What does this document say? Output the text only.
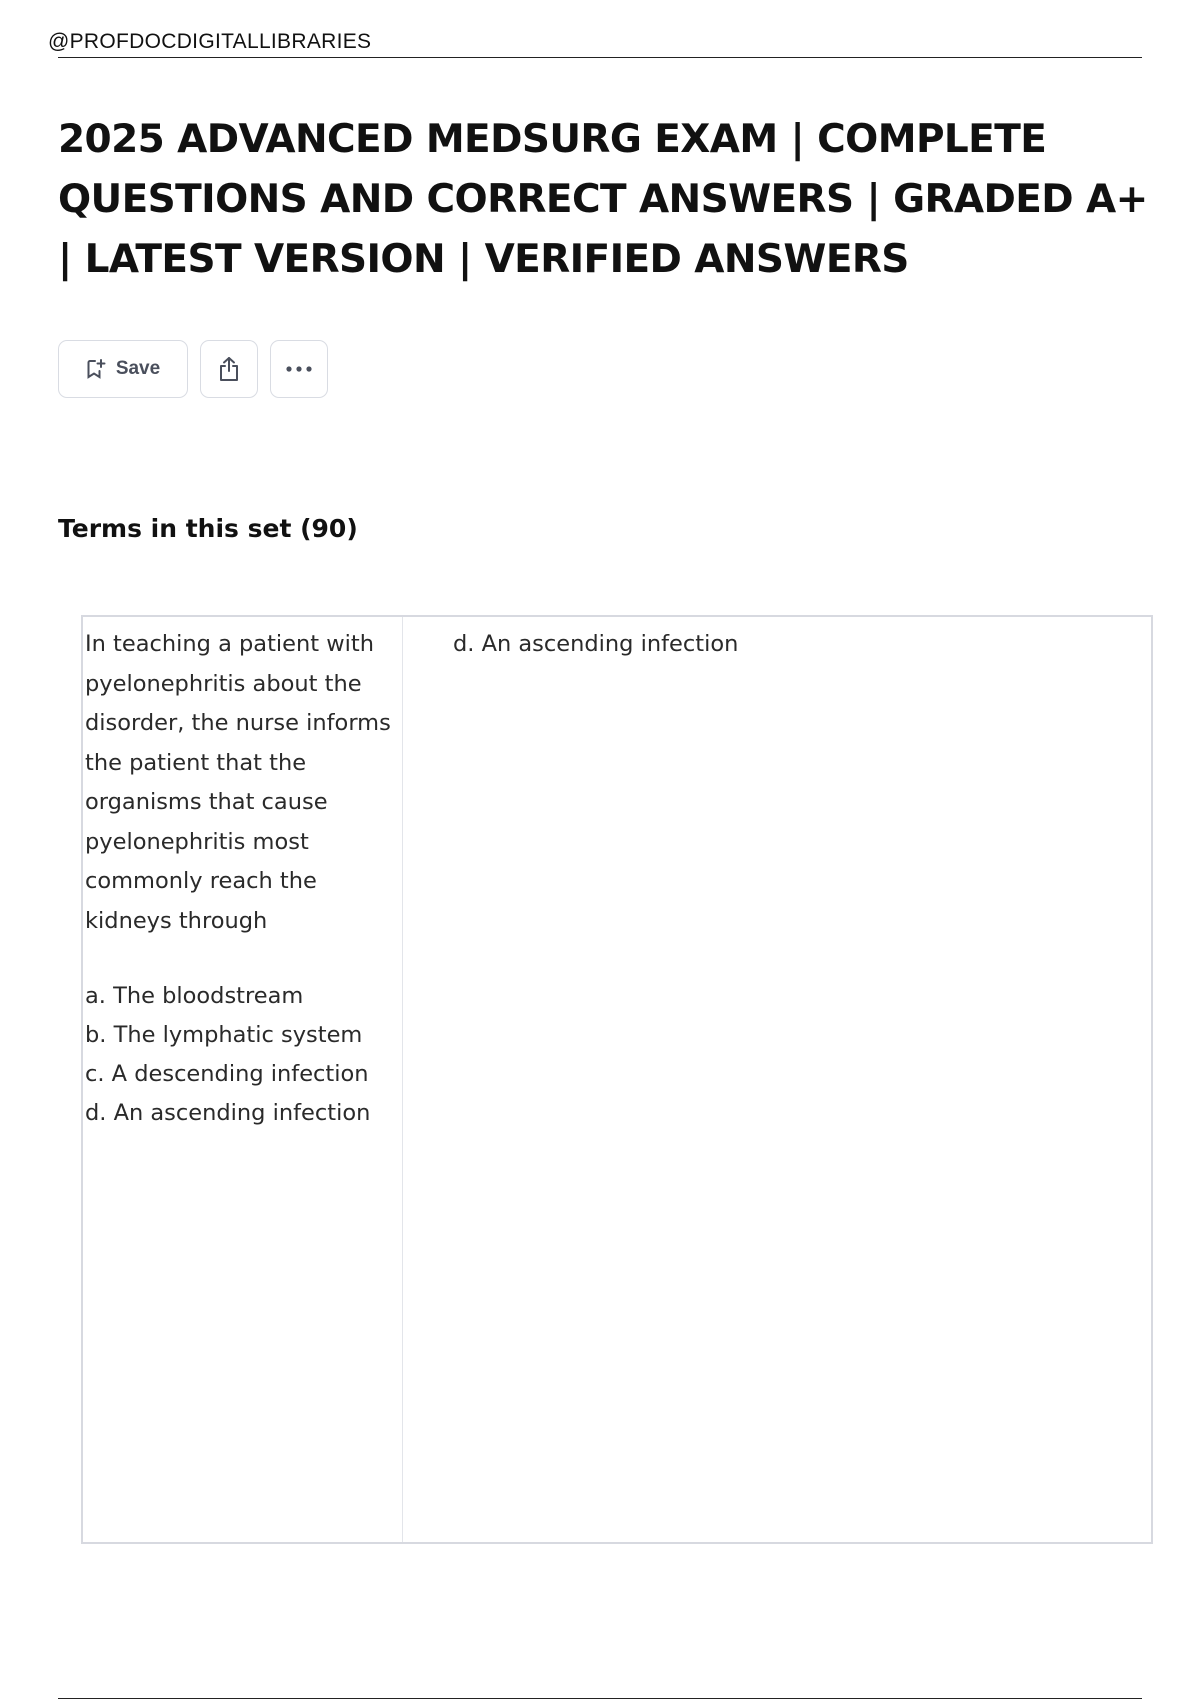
@PROFDOCDIGITALLIBRARIES
2025 ADVANCED MEDSURG EXAM | COMPLETE QUESTIONS AND CORRECT ANSWERS | GRADED A+ | LATEST VERSION | VERIFIED ANSWERS
Save
Terms in this set (90)

In teaching a patient with pyelonephritis about the disorder, the nurse informs the patient that the organisms that cause pyelonephritis most commonly reach the kidneys through

a. The bloodstream
b. The lymphatic system
c. A descending infection
d. An ascending infection
d. An ascending infection
